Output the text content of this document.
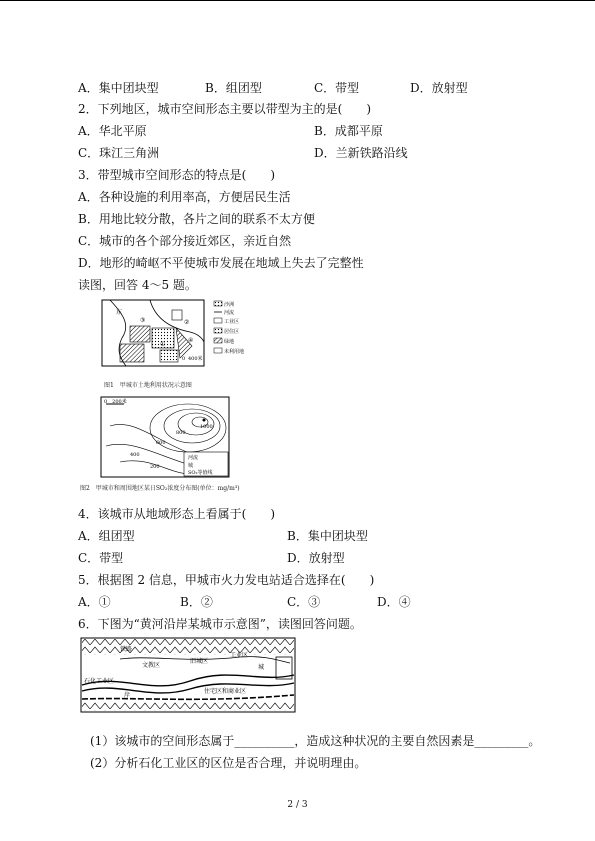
A．集中团块型	B．组团型	C．带型	D．放射型
2．下列地区，城市空间形态主要以带型为主的是(　　)
A．华北平原	B．成都平原
C．珠江三角洲	D．兰新铁路沿线
3．带型城市空间形态的特点是(　　)
A．各种设施的利用率高，方便居民生活
B．用地比较分散，各片之间的联系不太方便
C．城市的各个部分接近郊区，亲近自然
D．地形的崎岖不平使城市发展在地域上失去了完整性
读图，回答 4～5 题。
东
③	②
①
④
0 400米
沙洲
河流
工业区
居住区
绿地
未利用地
图1　甲城市土地利用状况示意图
0　200米
1000
800
600
400
200
河流
城
SO₂等值线
图2　甲城市和周围地区某日SO₂浓度分布图(单位：mg/m³)
4．该城市从地域形态上看属于(　　)
A．组团型	B．集中团块型
C．带型	D．放射型
5．根据图 2 信息，甲城市火力发电站适合选择在(　　)
A．①	B．②	C．③	D．④
6．下图为“黄河沿岸某城市示意图”，读图回答问题。
文教区
铁路
旧城区
工业区
城
石化工业区
岸
住宅区和商业区
(1）该城市的空间形态属于__________，造成这种状况的主要自然因素是_________。
(2）分析石化工业区的区位是否合理，并说明理由。
2 / 3
